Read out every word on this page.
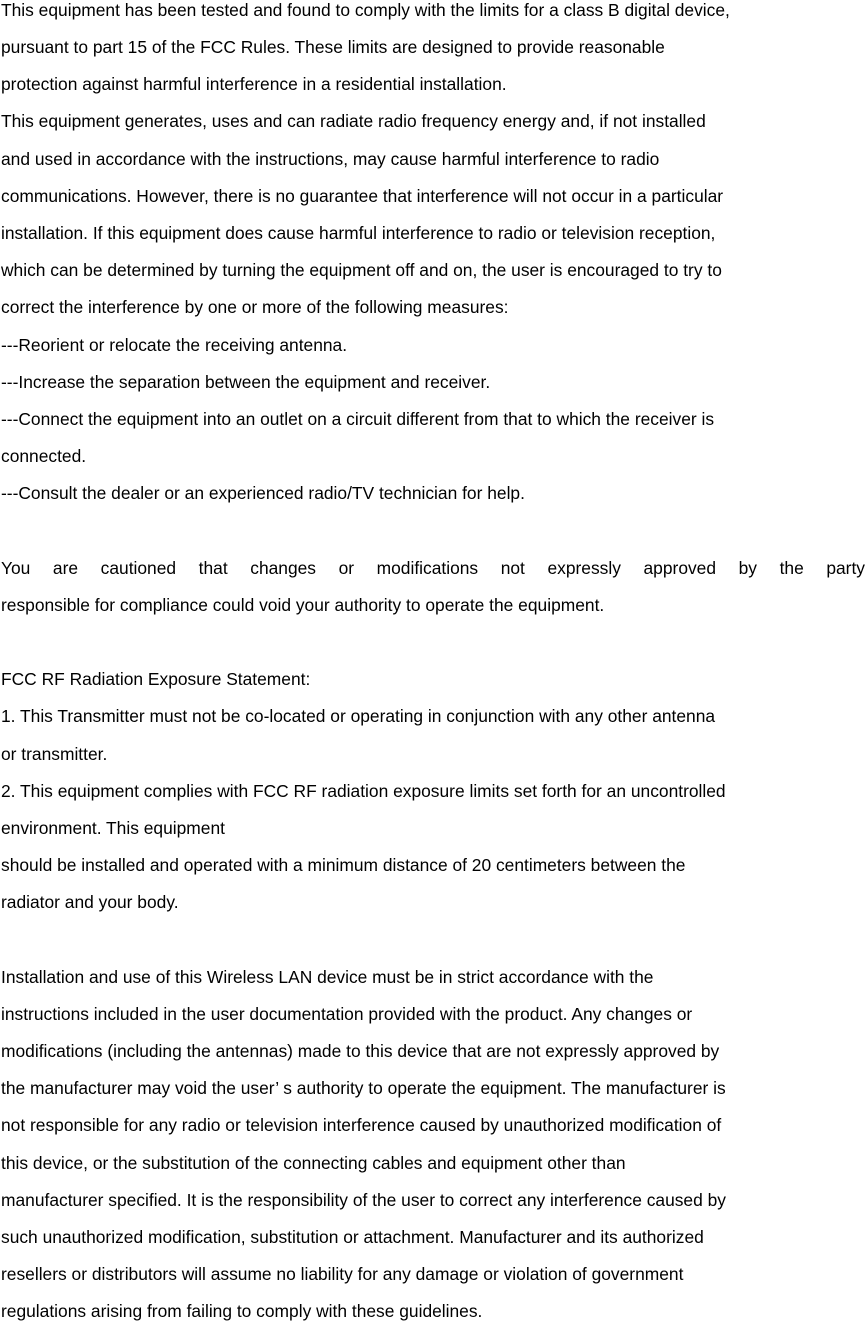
This equipment has been tested and found to comply with the limits for a class B digital device,

pursuant to part 15 of the FCC Rules. These limits are designed to provide reasonable

protection against harmful interference in a residential installation.

This equipment generates, uses and can radiate radio frequency energy and, if not installed

and used in accordance with the instructions, may cause harmful interference to radio

communications. However, there is no guarantee that interference will not occur in a particular

installation. If this equipment does cause harmful interference to radio or television reception,

which can be determined by turning the equipment off and on, the user is encouraged to try to

correct the interference by one or more of the following measures:

---Reorient or relocate the receiving antenna.

---Increase the separation between the equipment and receiver.

---Connect the equipment into an outlet on a circuit different from that to which the receiver is

connected.

---Consult the dealer or an experienced radio/TV technician for help.

You are cautioned that changes or modifications not expressly approved by the party

responsible for compliance could void your authority to operate the equipment.

FCC RF Radiation Exposure Statement:

1. This Transmitter must not be co-located or operating in conjunction with any other antenna

or transmitter.

2. This equipment complies with FCC RF radiation exposure limits set forth for an uncontrolled

environment. This equipment

should be installed and operated with a minimum distance of 20 centimeters between the

radiator and your body.

Installation and use of this Wireless LAN device must be in strict accordance with the

instructions included in the user documentation provided with the product. Any changes or

modifications (including the antennas) made to this device that are not expressly approved by

the manufacturer may void the user’ s authority to operate the equipment. The manufacturer is

not responsible for any radio or television interference caused by unauthorized modification of

this device, or the substitution of the connecting cables and equipment other than

manufacturer specified. It is the responsibility of the user to correct any interference caused by

such unauthorized modification, substitution or attachment. Manufacturer and its authorized

resellers or distributors will assume no liability for any damage or violation of government

regulations arising from failing to comply with these guidelines.
